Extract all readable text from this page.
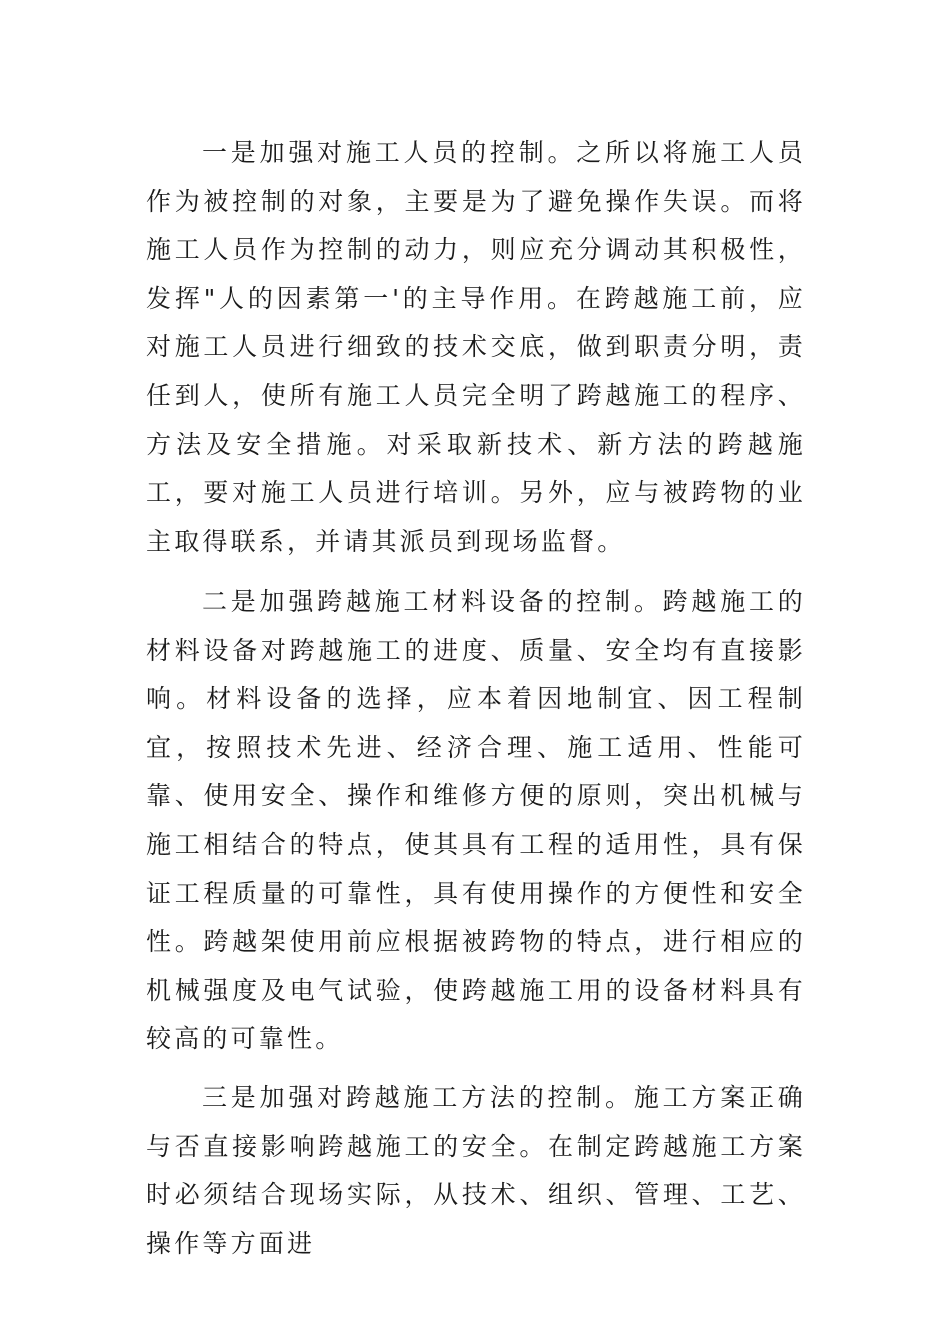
一是加强对施工人员的控制。之所以将施工人员作为被控制的对象，主要是为了避免操作失误。而将施工人员作为控制的动力，则应充分调动其积极性，发挥"人的因素第一'的主导作用。在跨越施工前，应对施工人员进行细致的技术交底，做到职责分明，责任到人，使所有施工人员完全明了跨越施工的程序、方法及安全措施。对采取新技术、新方法的跨越施工，要对施工人员进行培训。另外，应与被跨物的业主取得联系，并请其派员到现场监督。

二是加强跨越施工材料设备的控制。跨越施工的材料设备对跨越施工的进度、质量、安全均有直接影响。材料设备的选择，应本着因地制宜、因工程制宜，按照技术先进、经济合理、施工适用、性能可靠、使用安全、操作和维修方便的原则，突出机械与施工相结合的特点，使其具有工程的适用性，具有保证工程质量的可靠性，具有使用操作的方便性和安全性。跨越架使用前应根据被跨物的特点，进行相应的机械强度及电气试验，使跨越施工用的设备材料具有较高的可靠性。

三是加强对跨越施工方法的控制。施工方案正确与否直接影响跨越施工的安全。在制定跨越施工方案时必须结合现场实际，从技术、组织、管理、工艺、操作等方面进
